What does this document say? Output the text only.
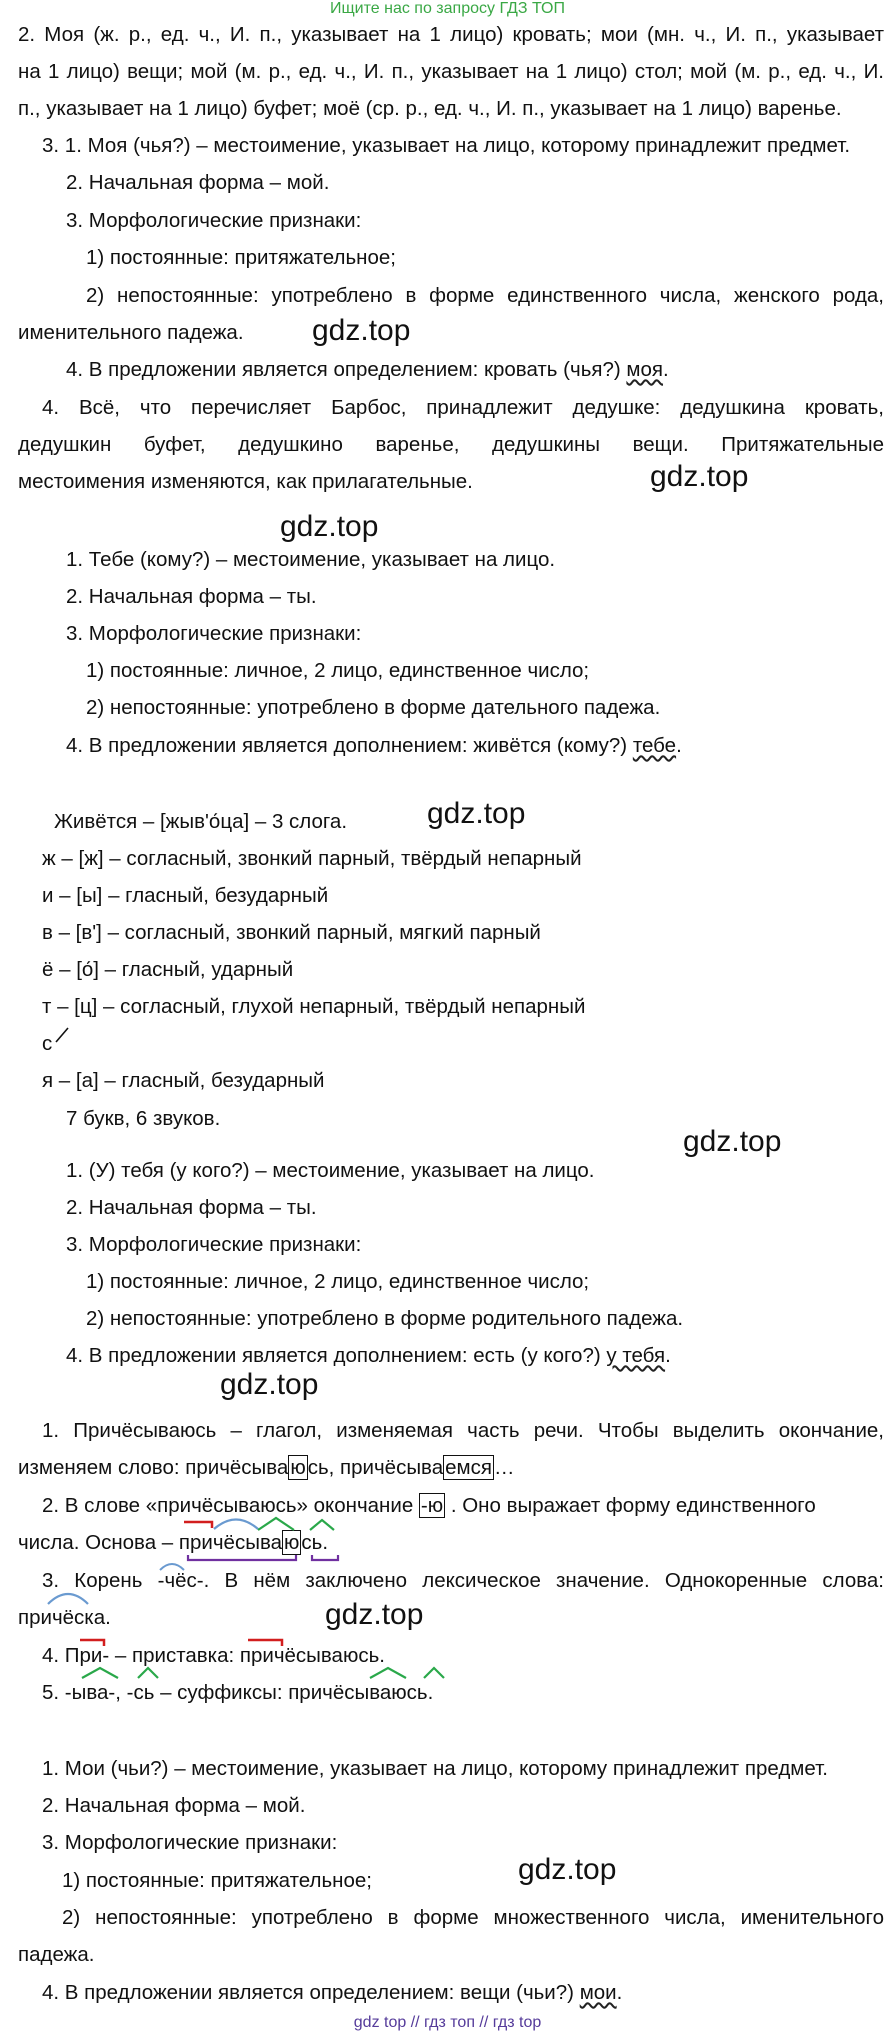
Ищите нас по запросу ГДЗ ТОП
2. Моя (ж. р., ед. ч., И. п., указывает на 1 лицо) кровать; мои (мн. ч., И. п., указывает
на 1 лицо) вещи; мой (м. р., ед. ч., И. п., указывает на 1 лицо) стол; мой (м. р., ед. ч., И.
п., указывает на 1 лицо) буфет; моё (ср. р., ед. ч., И. п., указывает на 1 лицо) варенье.
3. 1. Моя (чья?) – местоимение, указывает на лицо, которому принадлежит предмет.
2. Начальная форма – мой.
3. Морфологические признаки:
1) постоянные: притяжательное;
2) непостоянные: употреблено в форме единственного числа, женского рода,
именительного падежа. gdz.top
4. В предложении является определением: кровать (чья?) моя.
4. Всё, что перечисляет Барбос, принадлежит дедушке: дедушкина кровать,
дедушкин буфет, дедушкино варенье, дедушкины вещи. Притяжательные
местоимения изменяются, как прилагательные.	gdz.top
gdz.top
1. Тебе (кому?) – местоимение, указывает на лицо.
2. Начальная форма – ты.
3. Морфологические признаки:
1) постоянные: личное, 2 лицо, единственное число;
2) непостоянные: употреблено в форме дательного падежа.
4. В предложении является дополнением: живётся (кому?) тебе.
Живётся – [жыв'о́ца] – 3 слога.	gdz.top
ж – [ж] – согласный, звонкий парный, твёрдый непарный
и – [ы] – гласный, безударный
в – [в'] – согласный, звонкий парный, мягкий парный
ё – [о́] – гласный, ударный
т – [ц] – согласный, глухой непарный, твёрдый непарный
с
я – [а] – гласный, безударный
7 букв, 6 звуков.
gdz.top
1. (У) тебя (у кого?) – местоимение, указывает на лицо.
2. Начальная форма – ты.
3. Морфологические признаки:
1) постоянные: личное, 2 лицо, единственное число;
2) непостоянные: употреблено в форме родительного падежа.
4. В предложении является дополнением: есть (у кого?) у тебя.
gdz.top
1. Причёсываюсь – глагол, изменяемая часть речи. Чтобы выделить окончание,
изменяем слово: причёсываюсь, причёсываемся…
2. В слове «причёсываюсь» окончание -ю . Оно выражает форму единственного
числа. Основа – причёсываюсь.
3. Корень -чёс-. В нём заключено лексическое значение. Однокоренные слова:
причёска.	gdz.top
4. При- – приставка: причёсываюсь.
5. -ыва-, -сь – суффиксы: причёсываюсь.
1. Мои (чьи?) – местоимение, указывает на лицо, которому принадлежит предмет.
2. Начальная форма – мой.
3. Морфологические признаки:
1) постоянные: притяжательное;	gdz.top
2) непостоянные: употреблено в форме множественного числа, именительного
падежа.
4. В предложении является определением: вещи (чьи?) мои.
gdz top // гдз топ // гдз top
